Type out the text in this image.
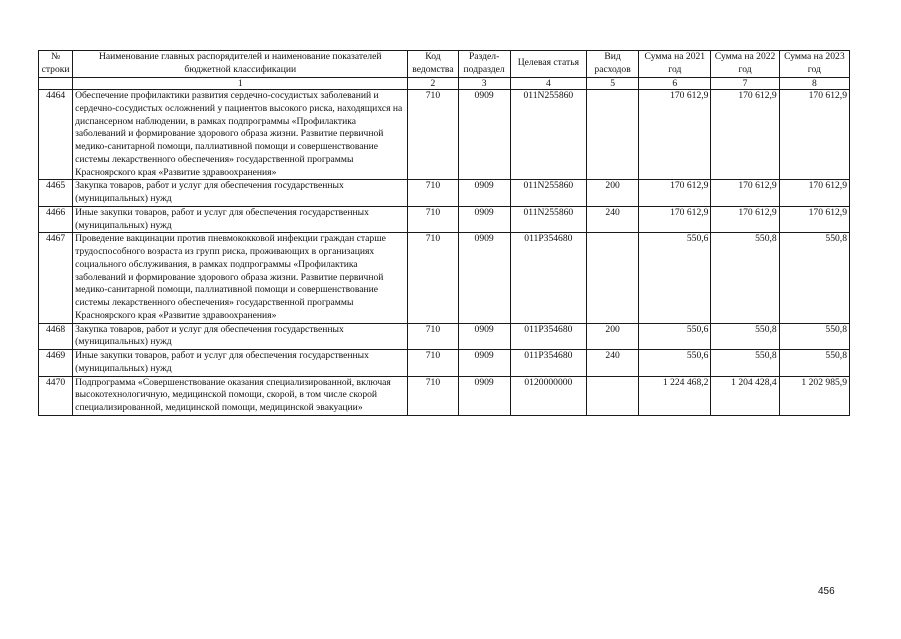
№ строки	Наименование главных распорядителей и наименование показателей бюджетной классификации	Код ведомства	Раздел-подраздел	Целевая статья	Вид расходов	Сумма на 2021 год	Сумма на 2022 год	Сумма на 2023 год
	1	2	3	4	5	6	7	8
4464	Обеспечение профилактики развития сердечно-сосудистых заболеваний и сердечно-сосудистых осложнений у пациентов высокого риска, находящихся на диспансерном наблюдении, в рамках подпрограммы «Профилактика заболеваний и формирование здорового образа жизни. Развитие первичной медико-санитарной помощи, паллиативной помощи и совершенствование системы лекарственного обеспечения» государственной программы Красноярского края «Развитие здравоохранения»	710	0909	011N255860		170 612,9	170 612,9	170 612,9
4465	Закупка товаров, работ и услуг для обеспечения государственных (муниципальных) нужд	710	0909	011N255860	200	170 612,9	170 612,9	170 612,9
4466	Иные закупки товаров, работ и услуг для обеспечения государственных (муниципальных) нужд	710	0909	011N255860	240	170 612,9	170 612,9	170 612,9
4467	Проведение вакцинации против пневмококковой инфекции граждан старше трудоспособного возраста из групп риска, проживающих в организациях социального обслуживания, в рамках подпрограммы «Профилактика заболеваний и формирование здорового образа жизни. Развитие первичной медико-санитарной помощи, паллиативной помощи и совершенствование системы лекарственного обеспечения» государственной программы Красноярского края «Развитие здравоохранения»	710	0909	011P354680		550,6	550,8	550,8
4468	Закупка товаров, работ и услуг для обеспечения государственных (муниципальных) нужд	710	0909	011P354680	200	550,6	550,8	550,8
4469	Иные закупки товаров, работ и услуг для обеспечения государственных (муниципальных) нужд	710	0909	011P354680	240	550,6	550,8	550,8
4470	Подпрограмма «Совершенствование оказания специализированной, включая высокотехнологичную, медицинской помощи, скорой, в том числе скорой специализированной, медицинской помощи, медицинской эвакуации»	710	0909	0120000000		1 224 468,2	1 204 428,4	1 202 985,9
456
